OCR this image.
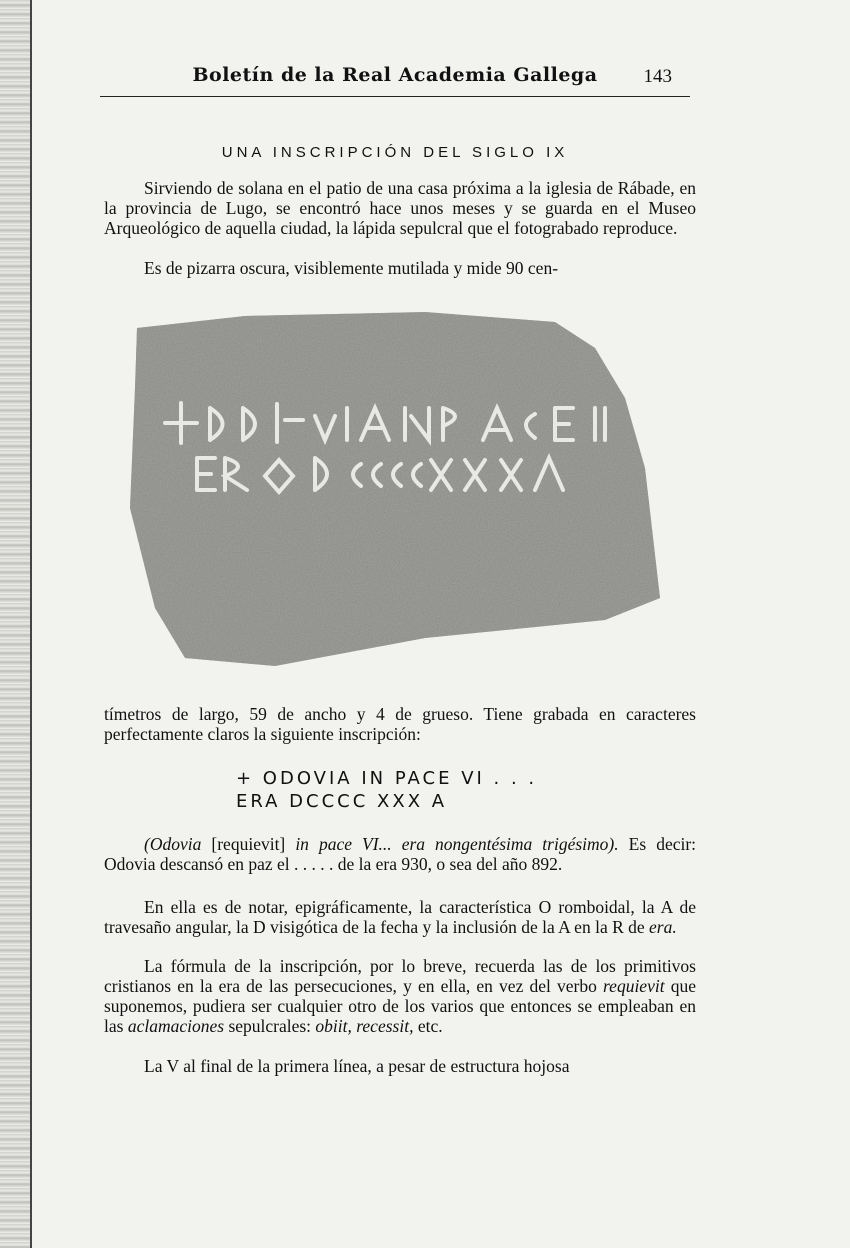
Boletín de la Real Academia Gallega	143
UNA INSCRIPCIÓN DEL SIGLO IX

Sirviendo de solana en el patio de una casa próxima a la iglesia de Rábade, en la provincia de Lugo, se encontró hace unos meses y se guarda en el Museo Arqueológico de aquella ciudad, la lápida sepulcral que el fotograbado reproduce.

Es de pizarra oscura, visiblemente mutilada y mide 90 cen-

tímetros de largo, 59 de ancho y 4 de grueso. Tiene grabada en caracteres perfectamente claros la siguiente inscripción:

+ ODOVIA IN PACE VI . . .
ERA DCCCC XXX A

(Odovia [requievit] in pace VI... era nongentésima trigésimo). Es decir: Odovia descansó en paz el . . . . . de la era 930, o sea del año 892.

En ella es de notar, epigráficamente, la característica O romboidal, la A de travesaño angular, la D visigótica de la fecha y la inclusión de la A en la R de era.

La fórmula de la inscripción, por lo breve, recuerda las de los primitivos cristianos en la era de las persecuciones, y en ella, en vez del verbo requievit que suponemos, pudiera ser cualquier otro de los varios que entonces se empleaban en las aclamaciones sepulcrales: obiit, recessit, etc.

La V al final de la primera línea, a pesar de estructura hojosa
